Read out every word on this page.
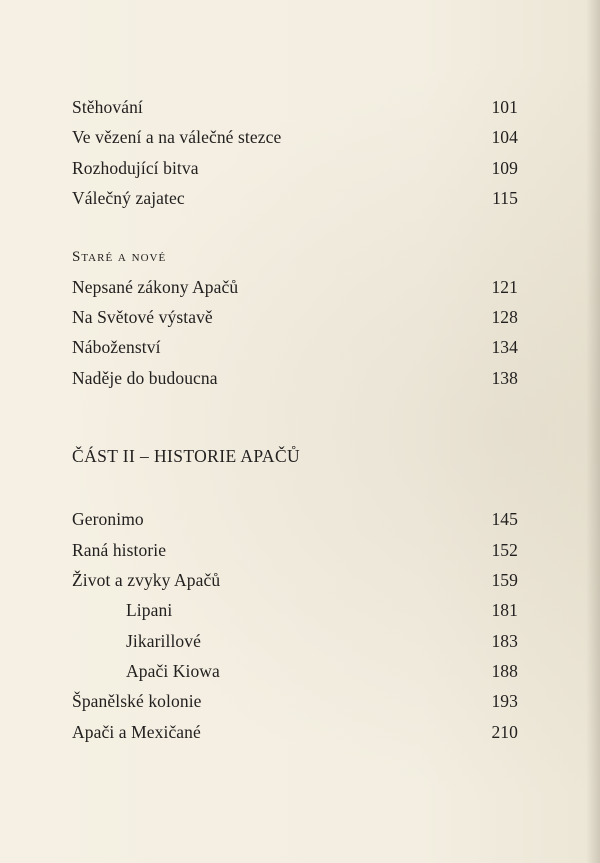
Stěhování	101
Ve vězení a na válečné stezce	104
Rozhodující bitva	109
Válečný zajatec	115
Staré a nové
Nepsané zákony Apačů	121
Na Světové výstavě	128
Náboženství	134
Naděje do budoucna	138
ČÁST II – HISTORIE APAČŮ
Geronimo	145
Raná historie	152
Život a zvyky Apačů	159
Lipani	181
Jikarillové	183
Apači Kiowa	188
Španělské kolonie	193
Apači a Mexičané	210
